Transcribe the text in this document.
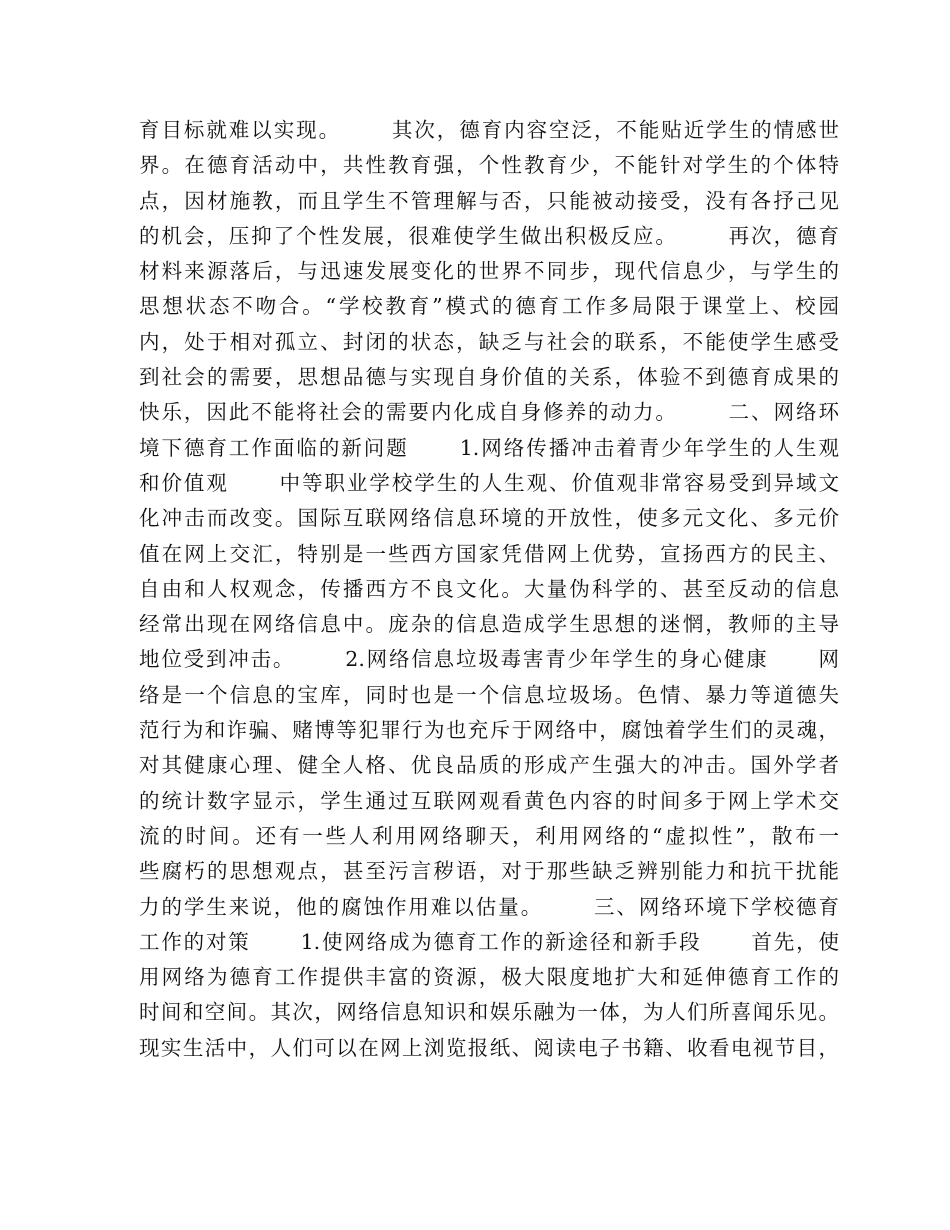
育目标就难以实现。      其次，德育内容空泛，不能贴近学生的情感世
界。在德育活动中，共性教育强，个性教育少，不能针对学生的个体特
点，因材施教，而且学生不管理解与否，只能被动接受，没有各抒己见
的机会，压抑了个性发展，很难使学生做出积极反应。      再次，德育
材料来源落后，与迅速发展变化的世界不同步，现代信息少，与学生的
思想状态不吻合。“学校教育”模式的德育工作多局限于课堂上、校园
内，处于相对孤立、封闭的状态，缺乏与社会的联系，不能使学生感受
到社会的需要，思想品德与实现自身价值的关系，体验不到德育成果的
快乐，因此不能将社会的需要内化成自身修养的动力。      二、网络环
境下德育工作面临的新问题      1.网络传播冲击着青少年学生的人生观
和价值观      中等职业学校学生的人生观、价值观非常容易受到异域文
化冲击而改变。国际互联网络信息环境的开放性，使多元文化、多元价
值在网上交汇，特别是一些西方国家凭借网上优势，宣扬西方的民主、
自由和人权观念，传播西方不良文化。大量伪科学的、甚至反动的信息
经常出现在网络信息中。庞杂的信息造成学生思想的迷惘，教师的主导
地位受到冲击。      2.网络信息垃圾毒害青少年学生的身心健康      网
络是一个信息的宝库，同时也是一个信息垃圾场。色情、暴力等道德失
范行为和诈骗、赌博等犯罪行为也充斥于网络中，腐蚀着学生们的灵魂，
对其健康心理、健全人格、优良品质的形成产生强大的冲击。国外学者
的统计数字显示，学生通过互联网观看黄色内容的时间多于网上学术交
流的时间。还有一些人利用网络聊天，利用网络的“虚拟性”，散布一
些腐朽的思想观点，甚至污言秽语，对于那些缺乏辨别能力和抗干扰能
力的学生来说，他的腐蚀作用难以估量。      三、网络环境下学校德育
工作的对策      1.使网络成为德育工作的新途径和新手段      首先，使
用网络为德育工作提供丰富的资源，极大限度地扩大和延伸德育工作的
时间和空间。其次，网络信息知识和娱乐融为一体，为人们所喜闻乐见。
现实生活中，人们可以在网上浏览报纸、阅读电子书籍、收看电视节目，
